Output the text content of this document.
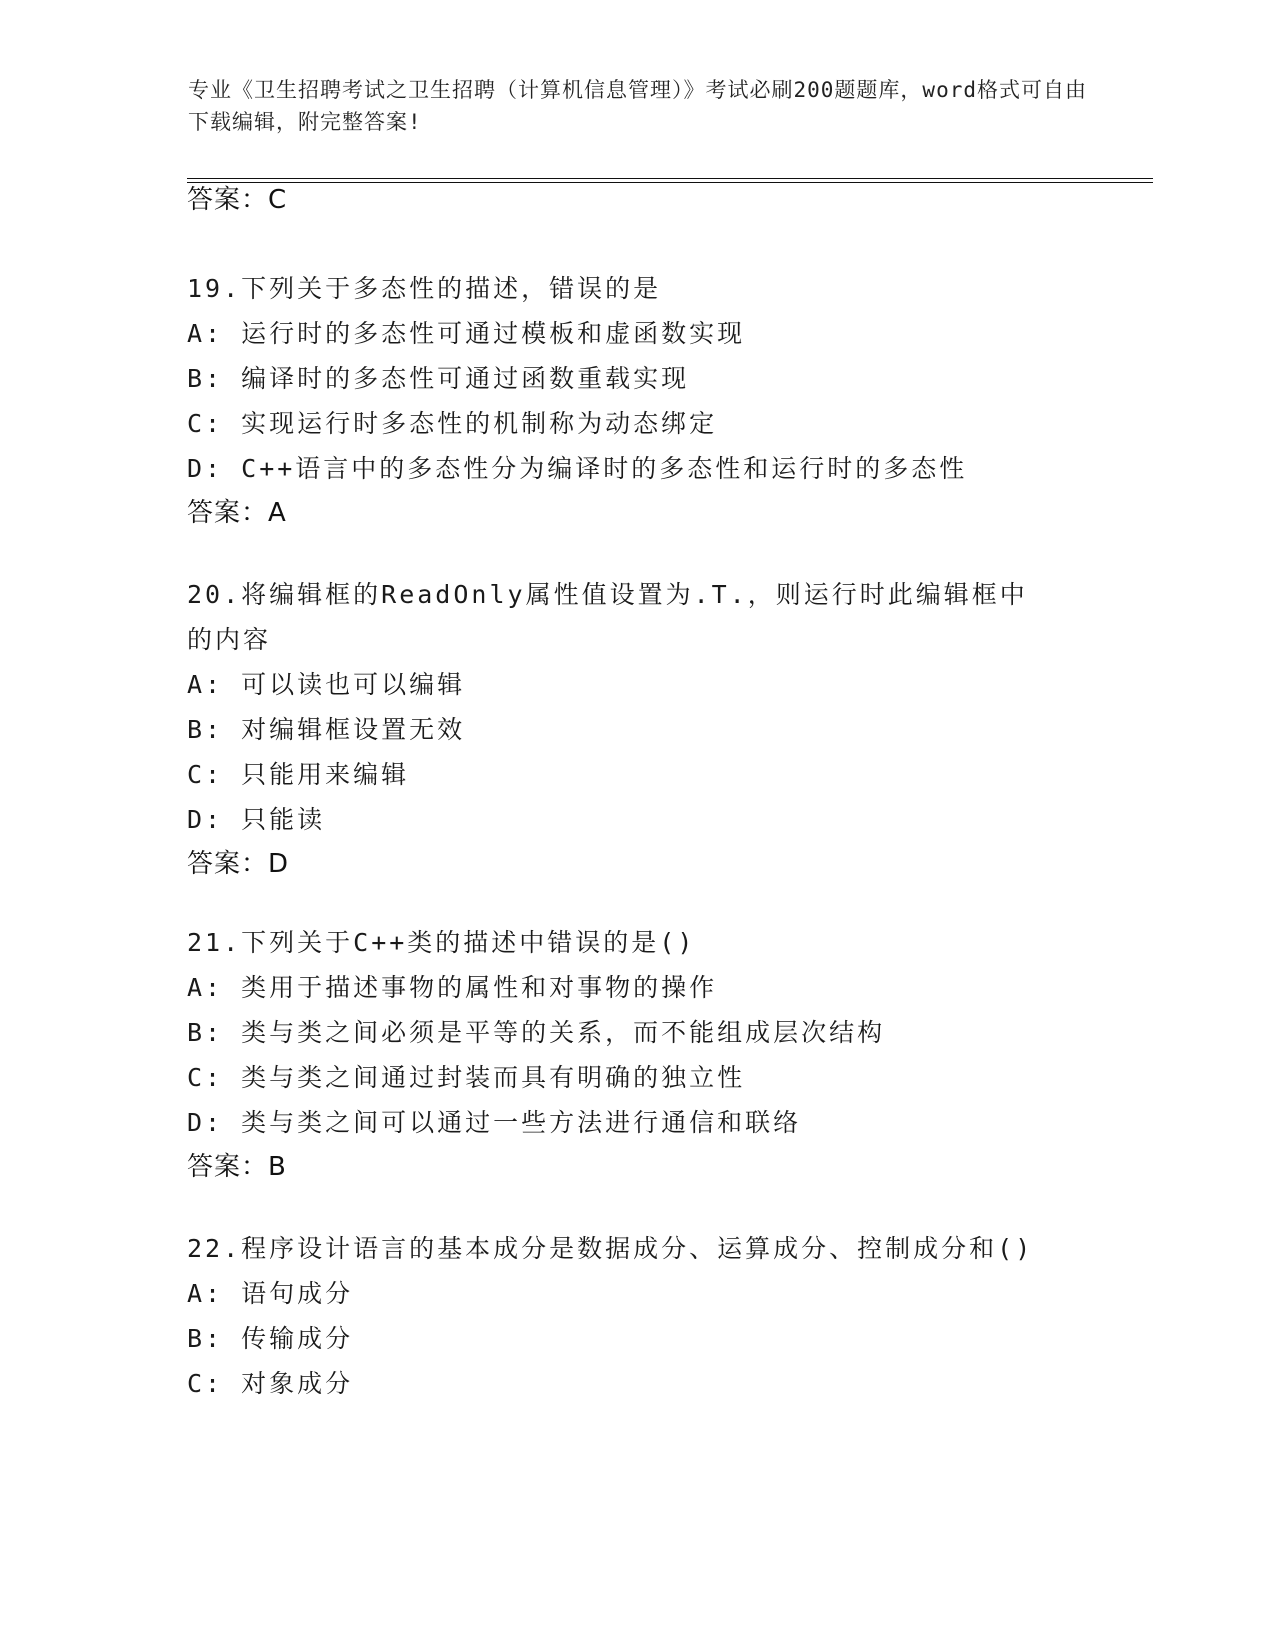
专业《卫生招聘考试之卫生招聘（计算机信息管理）》考试必刷200题题库，word格式可自由下载编辑，附完整答案!
答案：C
19.下列关于多态性的描述，错误的是
A: 运行时的多态性可通过模板和虚函数实现
B: 编译时的多态性可通过函数重载实现
C: 实现运行时多态性的机制称为动态绑定
D: C++语言中的多态性分为编译时的多态性和运行时的多态性
答案：A
20.将编辑框的ReadOnly属性值设置为.T.，则运行时此编辑框中的内容
A: 可以读也可以编辑
B: 对编辑框设置无效
C: 只能用来编辑
D: 只能读
答案：D
21.下列关于C++类的描述中错误的是()
A: 类用于描述事物的属性和对事物的操作
B: 类与类之间必须是平等的关系，而不能组成层次结构
C: 类与类之间通过封装而具有明确的独立性
D: 类与类之间可以通过一些方法进行通信和联络
答案：B
22.程序设计语言的基本成分是数据成分、运算成分、控制成分和()
A: 语句成分
B: 传输成分
C: 对象成分
